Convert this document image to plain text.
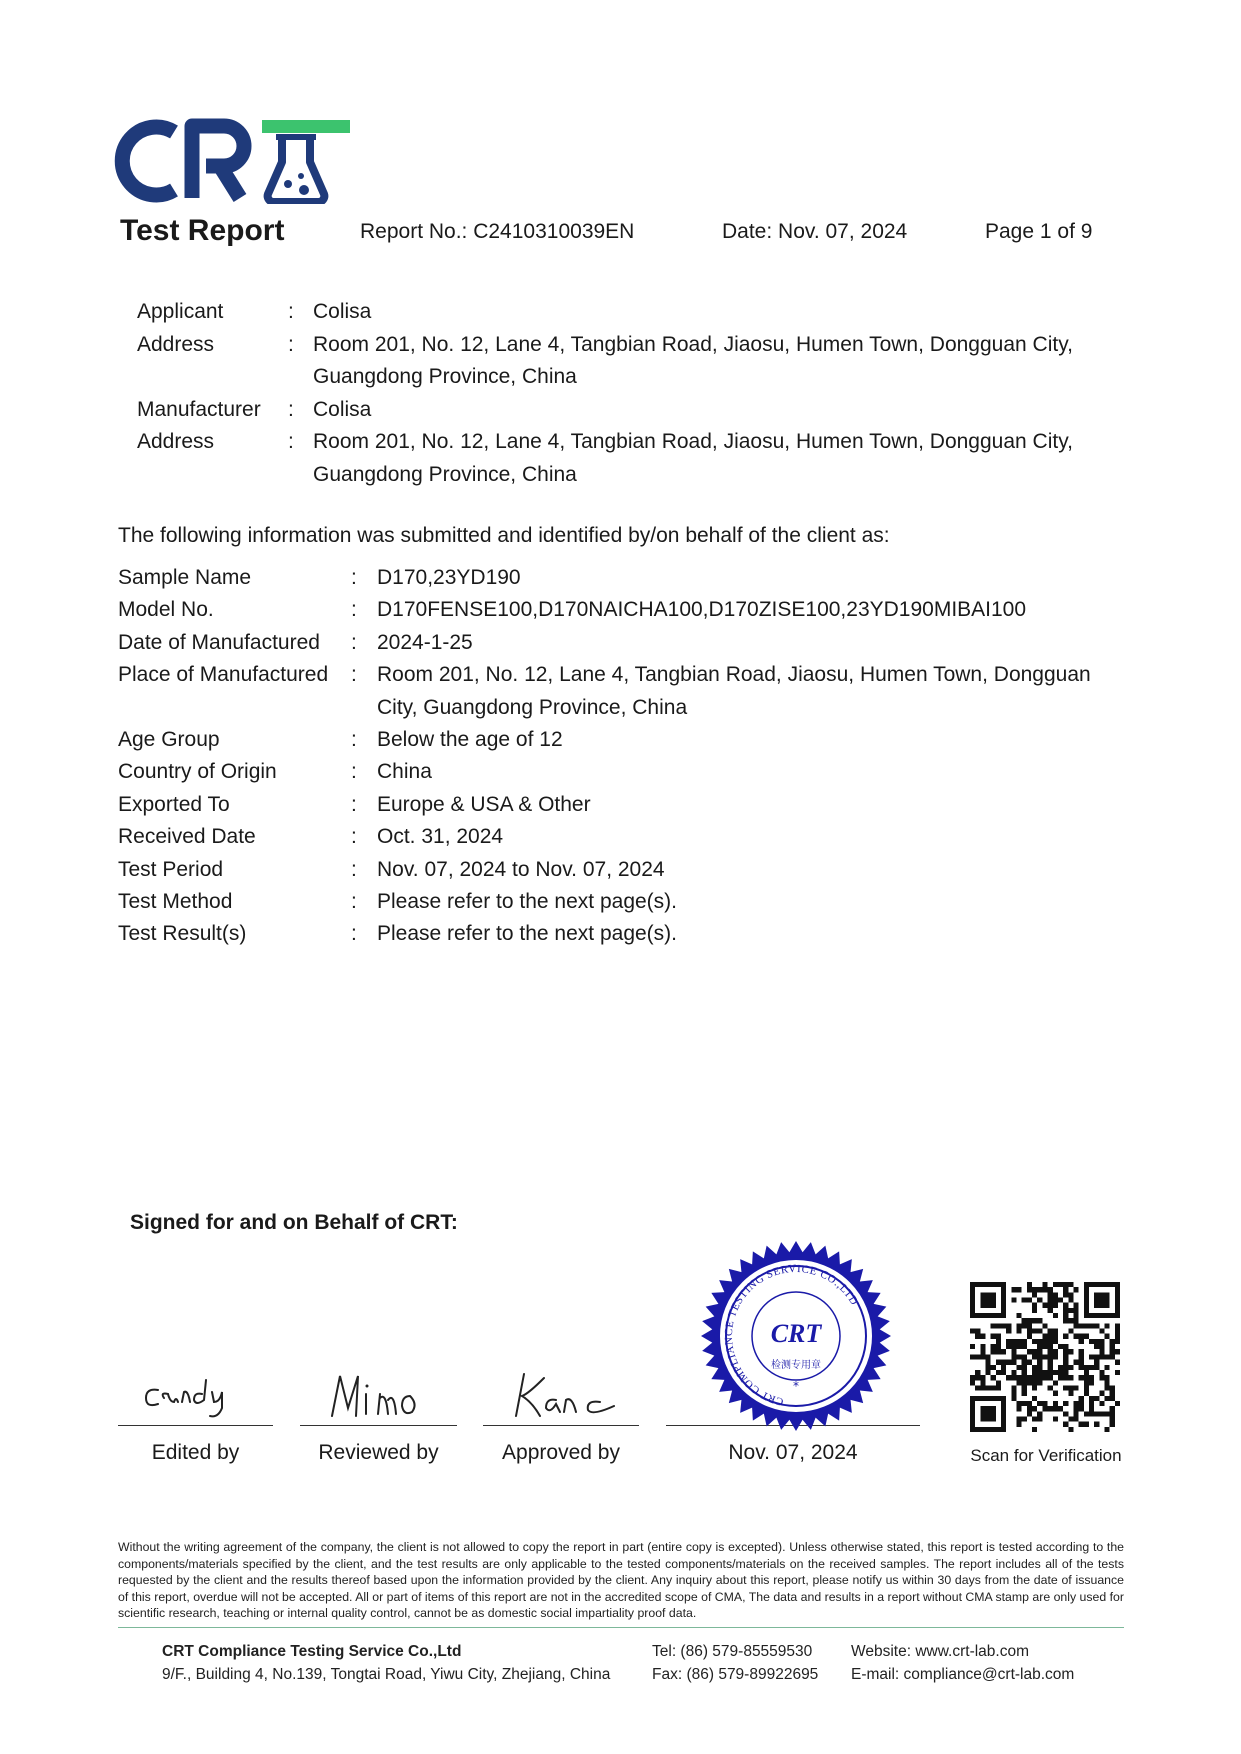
Test Report	Report No.: C2410310039EN	Date: Nov. 07, 2024	Page 1 of 9
Applicant	: Colisa
Address	: Room 201, No. 12, Lane 4, Tangbian Road, Jiaosu, Humen Town, Dongguan City,
Guangdong Province, China
Manufacturer : Colisa
Address	: Room 201, No. 12, Lane 4, Tangbian Road, Jiaosu, Humen Town, Dongguan City,
Guangdong Province, China
The following information was submitted and identified by/on behalf of the client as:
Sample Name	: D170,23YD190
Model No.	: D170FENSE100,D170NAICHA100,D170ZISE100,23YD190MIBAI100
Date of Manufactured : 2024-1-25
Place of Manufactured : Room 201, No. 12, Lane 4, Tangbian Road, Jiaosu, Humen Town, Dongguan
City, Guangdong Province, China
Age Group	: Below the age of 12
Country of Origin	: China
Exported To	: Europe & USA & Other
Received Date	: Oct. 31, 2024
Test Period	: Nov. 07, 2024 to Nov. 07, 2024
Test Method	: Please refer to the next page(s).
Test Result(s)	: Please refer to the next page(s).
Signed for and on Behalf of CRT:
Edited by	Reviewed by	Approved by	Nov. 07, 2024
CRT COMPLIANCE TESTING SERVICE CO.,LTD
CRT
检测专用章
*
Scan for Verification
Without the writing agreement of the company, the client is not allowed to copy the report in part (entire copy is excepted). Unless otherwise stated, this report is tested according to the components/materials specified by the client, and the test results are only applicable to the tested components/materials on the received samples. The report includes all of the tests requested by the client and the results thereof based upon the information provided by the client. Any inquiry about this report, please notify us within 30 days from the date of issuance of this report, overdue will not be accepted. All or part of items of this report are not in the accredited scope of CMA, The data and results in a report without CMA stamp are only used for scientific research, teaching or internal quality control, cannot be as domestic social impartiality proof data.
CRT Compliance Testing Service Co.,Ltd
9/F., Building 4, No.139, Tongtai Road, Yiwu City, Zhejiang, China
Tel: (86) 579-85559530
Fax: (86) 579-89922695
Website: www.crt-lab.com
E-mail: compliance@crt-lab.com
